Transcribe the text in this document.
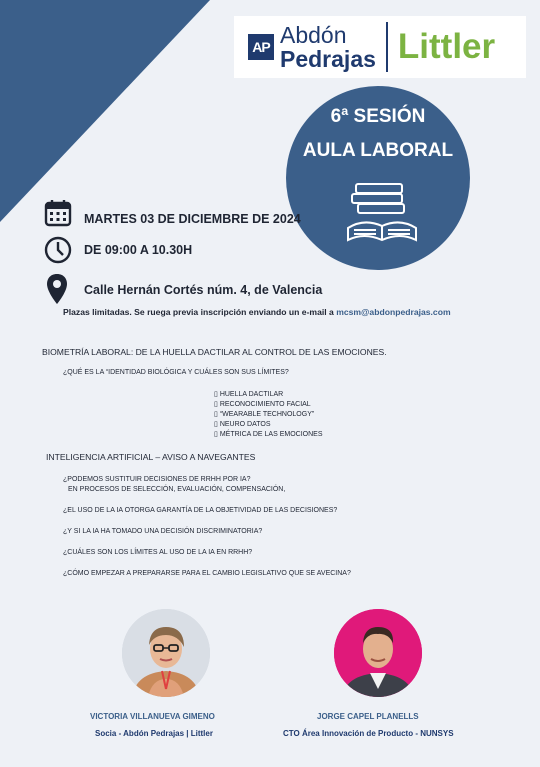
AP Abdón
Pedrajas Littler
6ª SESIÓN
AULA LABORAL
MARTES 03 DE DICIEMBRE DE 2024
DE 09:00 A 10.30H
Calle Hernán Cortés núm. 4, de Valencia
Plazas limitadas. Se ruega previa inscripción enviando un e-mail a mcsm@abdonpedrajas.com
BIOMETRÍA LABORAL: DE LA HUELLA DACTILAR AL CONTROL DE LAS EMOCIONES.
¿QUÉ ES LA “IDENTIDAD BIOLÓGICA Y CUÁLES SON SUS LÍMITES?
▯ HUELLA DACTILAR
▯ RECONOCIMIENTO FACIAL
▯ “WEARABLE TECHNOLOGY”
▯ NEURO DATOS
▯ MÉTRICA DE LAS EMOCIONES
INTELIGENCIA ARTIFICIAL – AVISO A NAVEGANTES
¿PODEMOS SUSTITUIR DECISIONES DE RRHH POR IA?
EN PROCESOS DE SELECCIÓN, EVALUACIÓN, COMPENSACIÓN,
¿EL USO DE LA IA OTORGA GARANTÍA DE LA OBJETIVIDAD DE LAS DECISIONES?
¿Y SI LA IA HA TOMADO UNA DECISIÓN DISCRIMINATORIA?
¿CUÁLES SON LOS LÍMITES AL USO DE LA IA EN RRHH?
¿CÓMO EMPEZAR A PREPARARSE PARA EL CAMBIO LEGISLATIVO QUE SE AVECINA?
VICTORIA VILLANUEVA GIMENO
Socia - Abdón Pedrajas | Littler
JORGE CAPEL PLANELLS
CTO Área Innovación de Producto - NUNSYS
